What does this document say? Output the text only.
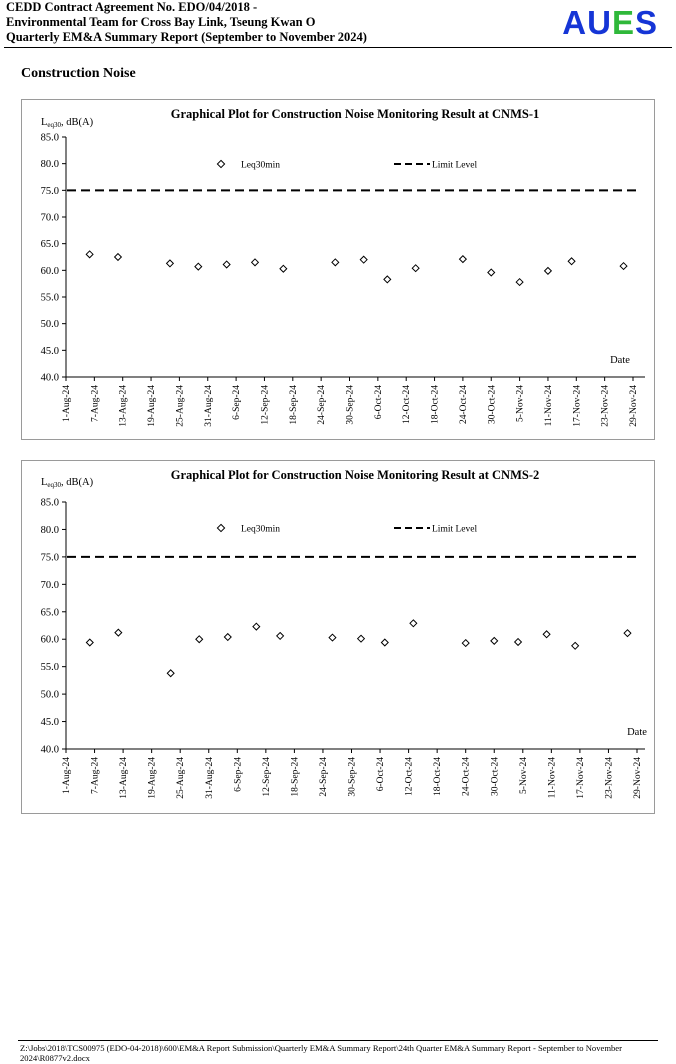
CEDD Contract Agreement No. EDO/04/2018 -
Environmental Team for Cross Bay Link, Tseung Kwan O
Quarterly EM&A Summary Report (September to November 2024)	AUES
Construction Noise
Graphical Plot for Construction Noise Monitoring Result at CNMS-1
Leq30, dB(A)
40.0
45.0
50.0
55.0
60.0
65.0
70.0
75.0
80.0
85.0
1-Aug-24 7-Aug-24 13-Aug-24 19-Aug-24 25-Aug-24 31-Aug-24 6-Sep-24 12-Sep-24 18-Sep-24 24-Sep-24 30-Sep-24 6-Oct-24 12-Oct-24 18-Oct-24 24-Oct-24 30-Oct-24 5-Nov-24 11-Nov-24 17-Nov-24 23-Nov-24 29-Nov-24
Date
Leq30min	Limit Level
Graphical Plot for Construction Noise Monitoring Result at CNMS-2
Leq30, dB(A)
40.0
45.0
50.0
55.0
60.0
65.0
70.0
75.0
80.0
85.0
1-Aug-24 7-Aug-24 13-Aug-24 19-Aug-24 25-Aug-24 31-Aug-24 6-Sep-24 12-Sep-24 18-Sep-24 24-Sep-24 30-Sep-24 6-Oct-24 12-Oct-24 18-Oct-24 24-Oct-24 30-Oct-24 5-Nov-24 11-Nov-24 17-Nov-24 23-Nov-24 29-Nov-24
Date
Leq30min	Limit Level
Z:\Jobs\2018\TCS00975 (EDO-04-2018)\600\EM&A Report Submission\Quarterly EM&A Summary Report\24th Quarter EM&A Summary Report - September to November 2024\R0877v2.docx
